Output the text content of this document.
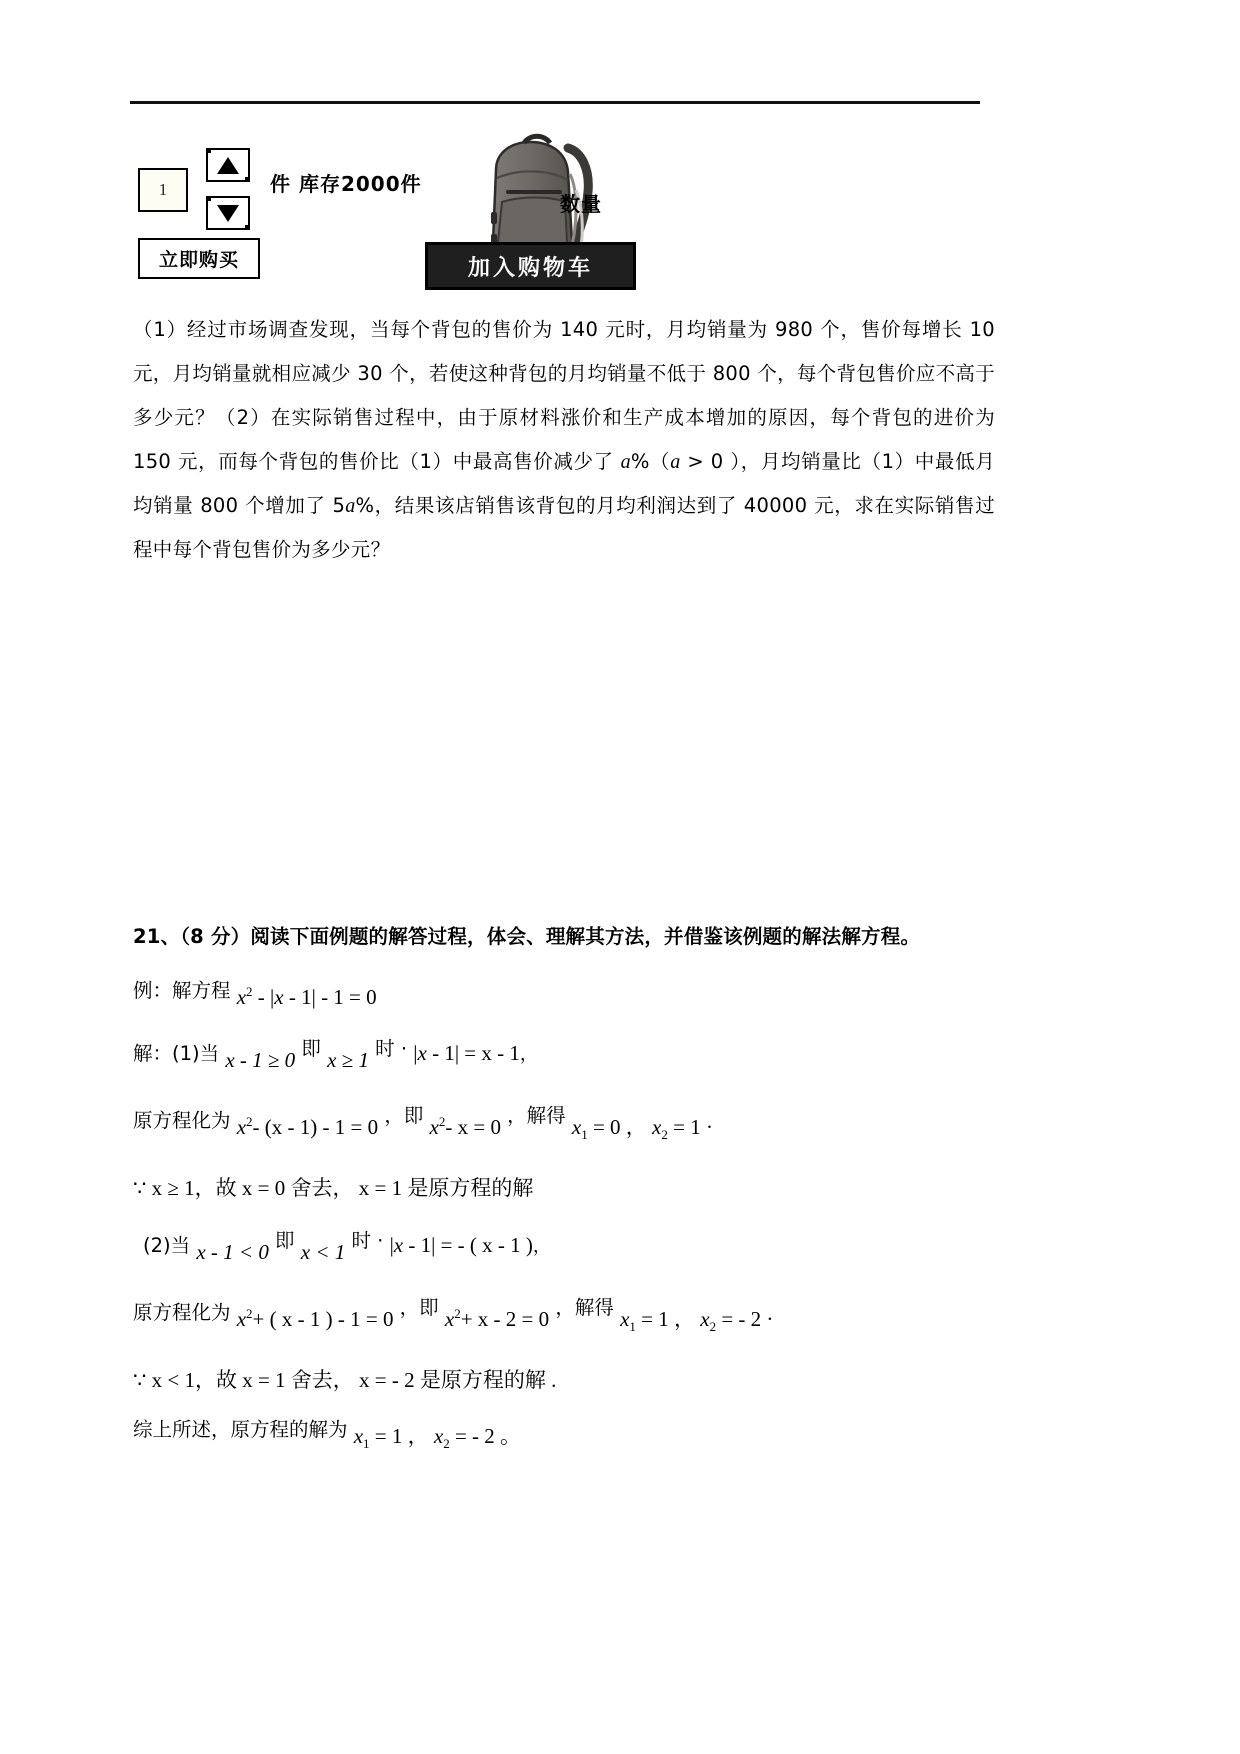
1	件 库存2000件
立即购买	加入购物车
数量
（1）经过市场调查发现，当每个背包的售价为 140 元时，月均销量为 980 个，售价每增长 10 元，月均销量就相应减少 30 个，若使这种背包的月均销量不低于 800 个，每个背包售价应不高于多少元？（2）在实际销售过程中，由于原材料涨价和生产成本增加的原因，每个背包的进价为 150 元，而每个背包的售价比（1）中最高售价减少了 a%（a > 0 ），月均销量比（1）中最低月均销量 800 个增加了 5a%，结果该店销售该背包的月均利润达到了 40000 元，求在实际销售过程中每个背包售价为多少元？
21、（8 分）阅读下面例题的解答过程，体会、理解其方法，并借鉴该例题的解法解方程。
例：解方程 $x^2 - |x - 1| - 1 = 0$
解：(1)当 x - 1 ≥ 0 即 x ≥ 1 时 · |x - 1| = x - 1，
原方程化为 $x^2-$ (x - 1) - 1 = 0 ，即 $x^2-$ x = 0 ，解得 $x_1 = 0$ ， $x_2 = 1$ ·
∵ x ≥ 1，故 x = 0 舍去， x = 1 是原方程的解
(2)当 x - 1 < 0 即 x < 1 时 · |x - 1| = - ( x - 1 )，
原方程化为 $x^2+$ ( x - 1 ) - 1 = 0 ，即 $x^2+ x - 2 = 0$ ，解得 $x_1 = 1$ ， $x_2$ = - 2 ·
∵ x < 1，故 x = 1 舍去， x = - 2 是原方程的解 .
综上所述，原方程的解为 $x_1 = 1$ ， $x_2$ = - 2 。
